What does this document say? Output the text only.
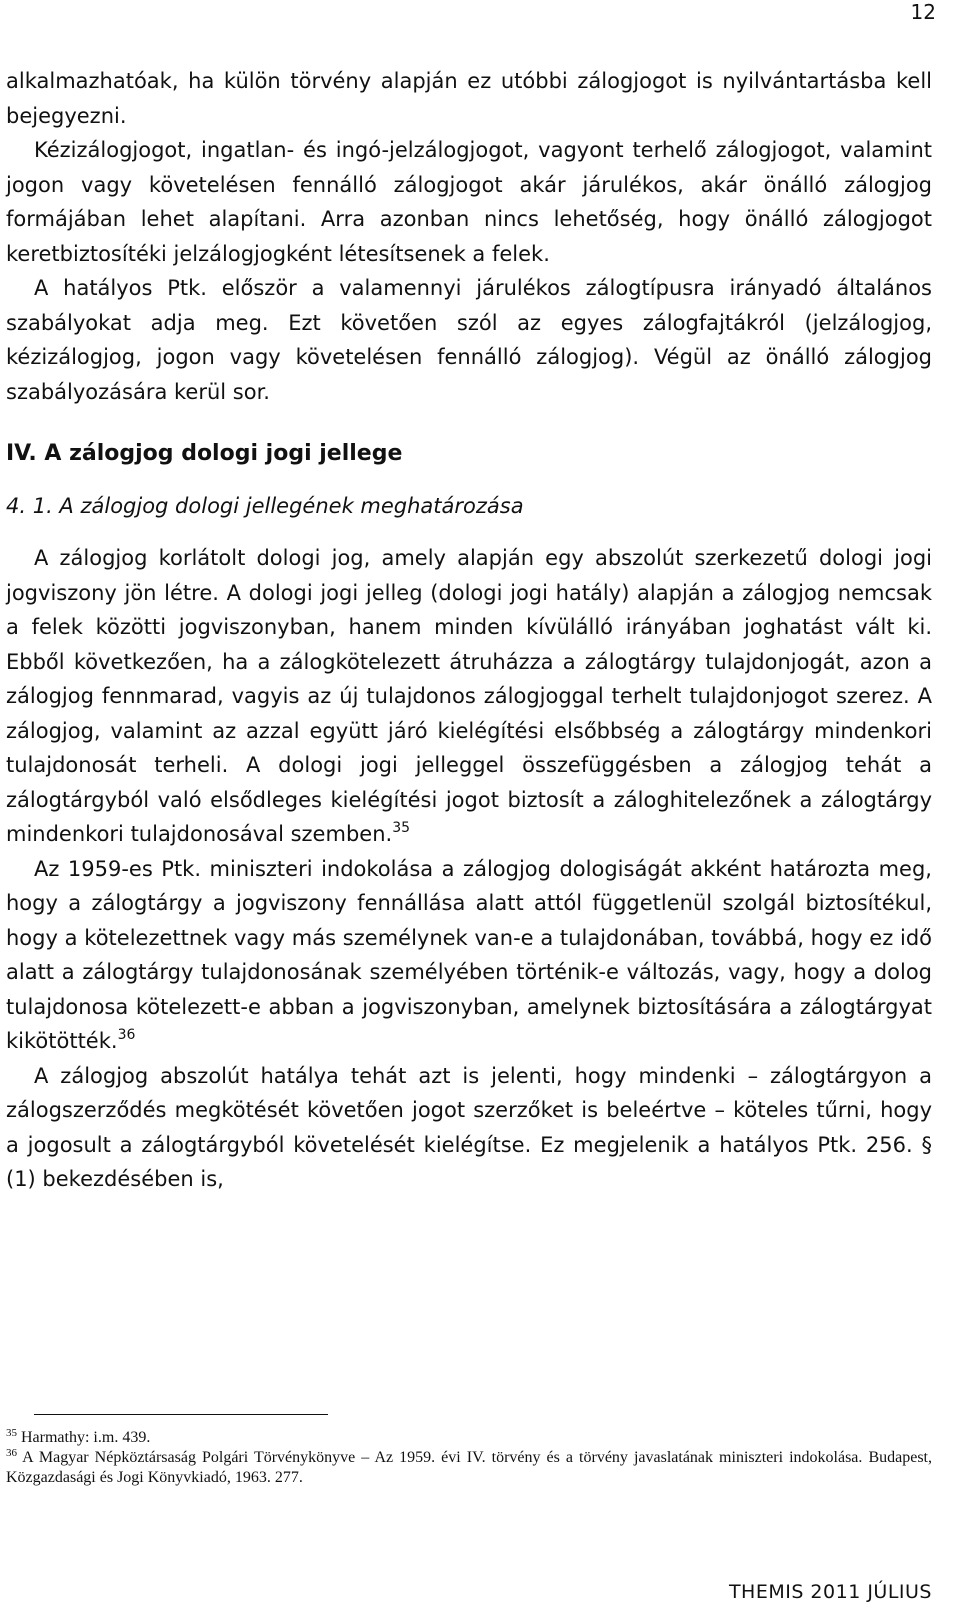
12

alkalmazhatóak, ha külön törvény alapján ez utóbbi zálogjogot is nyilvántartásba kell bejegyezni.

Kézizálogjogot, ingatlan- és ingó-jelzálogjogot, vagyont terhelő zálogjogot, valamint jogon vagy követelésen fennálló zálogjogot akár járulékos, akár önálló zálogjog formájában lehet alapítani. Arra azonban nincs lehetőség, hogy önálló zálogjogot keretbiztosítéki jelzálogjogként létesítsenek a felek.

A hatályos Ptk. először a valamennyi járulékos zálogtípusra irányadó általános szabályokat adja meg. Ezt követően szól az egyes zálogfajtákról (jelzálogjog, kézizálogjog, jogon vagy követelésen fennálló zálogjog). Végül az önálló zálogjog szabályozására kerül sor.

IV. A zálogjog dologi jogi jellege

4. 1. A zálogjog dologi jellegének meghatározása

A zálogjog korlátolt dologi jog, amely alapján egy abszolút szerkezetű dologi jogi jogviszony jön létre. A dologi jogi jelleg (dologi jogi hatály) alapján a zálogjog nemcsak a felek közötti jogviszonyban, hanem minden kívülálló irányában joghatást vált ki. Ebből következően, ha a zálogkötelezett átruházza a zálogtárgy tulajdonjogát, azon a zálogjog fennmarad, vagyis az új tulajdonos zálogjoggal terhelt tulajdonjogot szerez. A zálogjog, valamint az azzal együtt járó kielégítési elsőbbség a zálogtárgy mindenkori tulajdonosát terheli. A dologi jogi jelleggel összefüggésben a zálogjog tehát a zálogtárgyból való elsődleges kielégítési jogot biztosít a záloghitelezőnek a zálogtárgy mindenkori tulajdonosával szemben.$^{35}$

Az 1959-es Ptk. miniszteri indokolása a zálogjog dologiságát akként határozta meg, hogy a zálogtárgy a jogviszony fennállása alatt attól függetlenül szolgál biztosítékul, hogy a kötelezettnek vagy más személynek van-e a tulajdonában, továbbá, hogy ez idő alatt a zálogtárgy tulajdonosának személyében történik-e változás, vagy, hogy a dolog tulajdonosa kötelezett-e abban a jogviszonyban, amelynek biztosítására a zálogtárgyat kikötötték.$^{36}$

A zálogjog abszolút hatálya tehát azt is jelenti, hogy mindenki – zálogtárgyon a zálogszerződés megkötését követően jogot szerzőket is beleértve – köteles tűrni, hogy a jogosult a zálogtárgyból követelését kielégítse. Ez megjelenik a hatályos Ptk. 256. § (1) bekezdésében is,

$^{35}$ Harmathy: i.m. 439.

$^{36}$ A Magyar Népköztársaság Polgári Törvénykönyve – Az 1959. évi IV. törvény és a törvény javaslatának miniszteri indokolása. Budapest, Közgazdasági és Jogi Könyvkiadó, 1963. 277.

THEMIS 2011 JÚLIUS
